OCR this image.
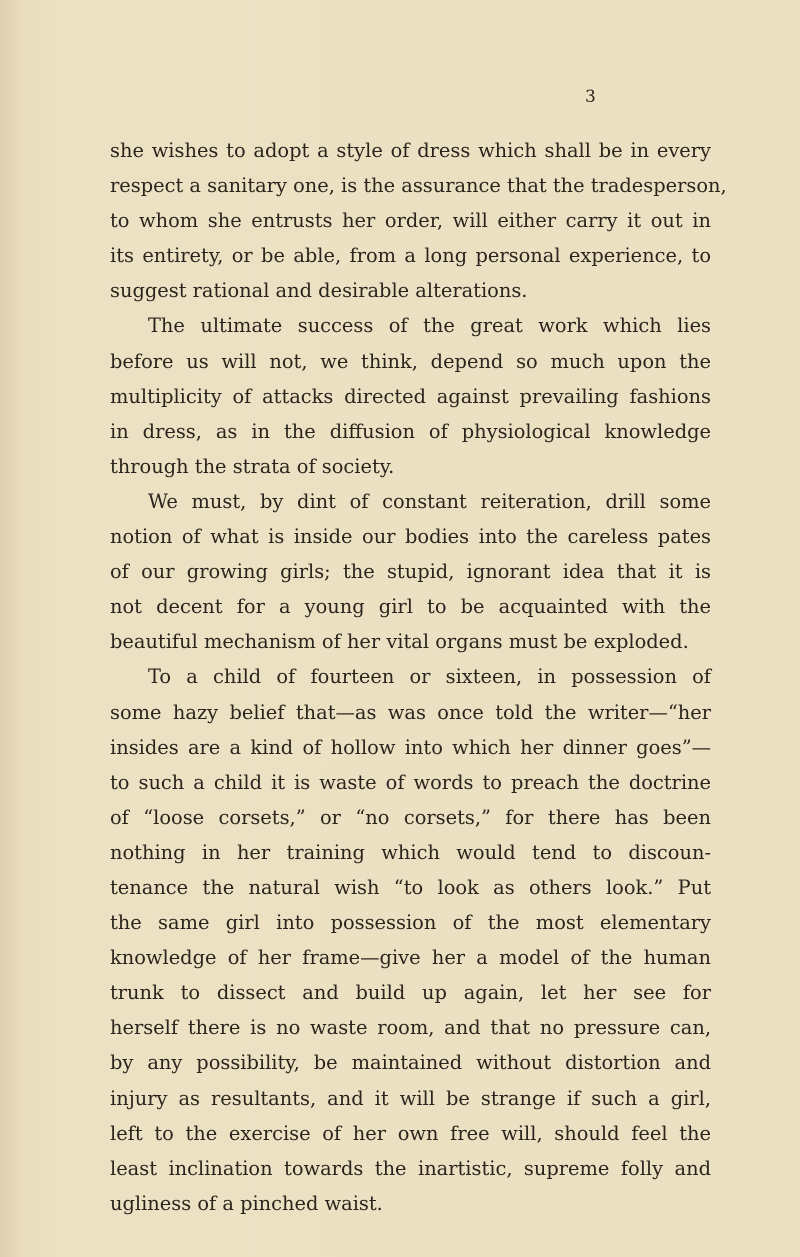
3
she wishes to adopt a style of dress which shall be in every
respect a sanitary one, is the assurance that the tradesperson,
to whom she entrusts her order, will either carry it out in
its entirety, or be able, from a long personal experience, to
suggest rational and desirable alterations.
The ultimate success of the great work which lies
before us will not, we think, depend so much upon the
multiplicity of attacks directed against prevailing fashions
in dress, as in the diffusion of physiological knowledge
through the strata of society.
We must, by dint of constant reiteration, drill some
notion of what is inside our bodies into the careless pates
of our growing girls; the stupid, ignorant idea that it is
not decent for a young girl to be acquainted with the
beautiful mechanism of her vital organs must be exploded.
To a child of fourteen or sixteen, in possession of
some hazy belief that—as was once told the writer—“her
insides are a kind of hollow into which her dinner goes”—
to such a child it is waste of words to preach the doctrine
of “loose corsets,” or “no corsets,” for there has been
nothing in her training which would tend to discoun-
tenance the natural wish “to look as others look.” Put
the same girl into possession of the most elementary
knowledge of her frame—give her a model of the human
trunk to dissect and build up again, let her see for
herself there is no waste room, and that no pressure can,
by any possibility, be maintained without distortion and
injury as resultants, and it will be strange if such a girl,
left to the exercise of her own free will, should feel the
least inclination towards the inartistic, supreme folly and
ugliness of a pinched waist.
